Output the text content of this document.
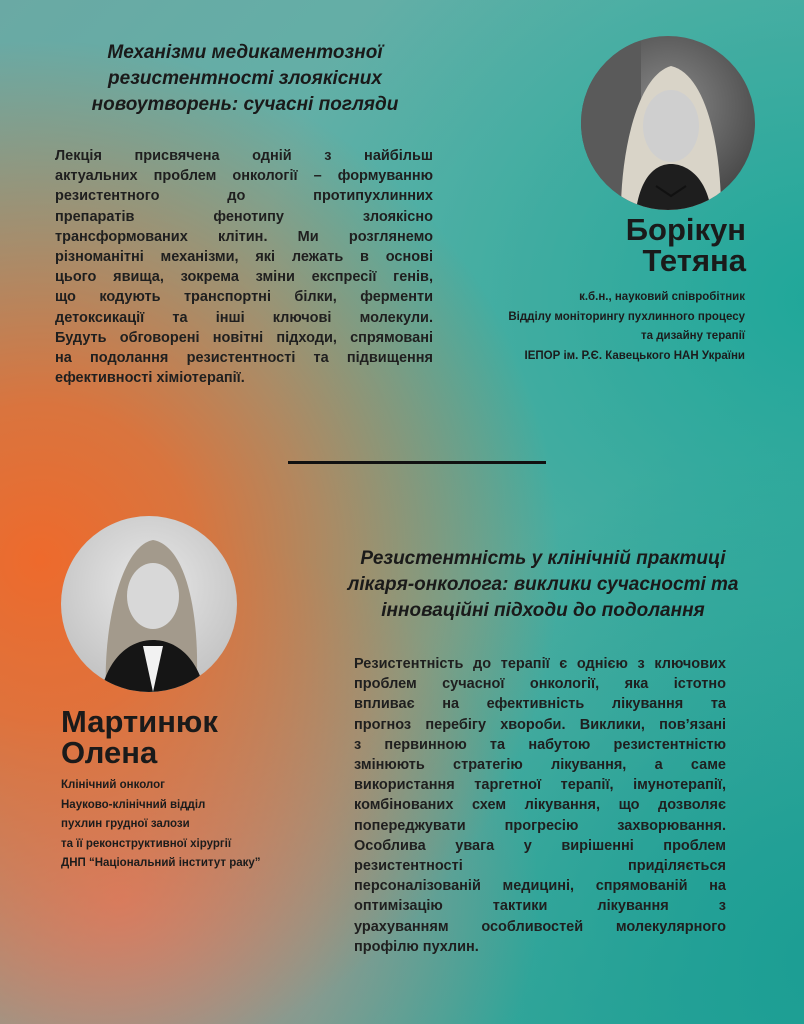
Механізми медикаментозної
резистентності злоякісних
новоутворень: сучасні погляди
Лекція присвячена одній з найбільш
актуальних проблем онкології – формуванню
резистентного до протипухлинних
препаратів фенотипу злоякісно
трансформованих клітин. Ми розглянемо
різноманітні механізми, які лежать в основі
цього явища, зокрема зміни експресії генів,
що кодують транспортні білки, ферменти
детоксикації та інші ключові молекули.
Будуть обговорені новітні підходи, спрямовані
на подолання резистентності та підвищення
ефективності хіміотерапії.
Борікун
Тетяна
к.б.н., науковий співробітник
Відділу моніторингу пухлинного процесу
та дизайну терапії
ІЕПОР ім. Р.Є. Кавецького НАН України
Мартинюк
Олена
Клінічний онколог
Науково-клінічний відділ
пухлин грудної залози
та її реконструктивної хірургії
ДНП “Національний інститут раку”
Резистентність у клінічній практиці
лікаря-онколога: виклики сучасності та
інноваційні підходи до подолання
Резистентність до терапії є однією з ключових
проблем сучасної онкології, яка істотно
впливає на ефективність лікування та
прогноз перебігу хвороби. Виклики, пов’язані
з первинною та набутою резистентністю
змінюють стратегію лікування, а саме
використання таргетної терапії, імунотерапії,
комбінованих схем лікування, що дозволяє
попереджувати прогресію захворювання.
Особлива увага у вирішенні проблем
резистентності приділяється
персоналізованій медицині, спрямованій на
оптимізацію тактики лікування з
урахуванням особливостей молекулярного
профілю пухлин.
